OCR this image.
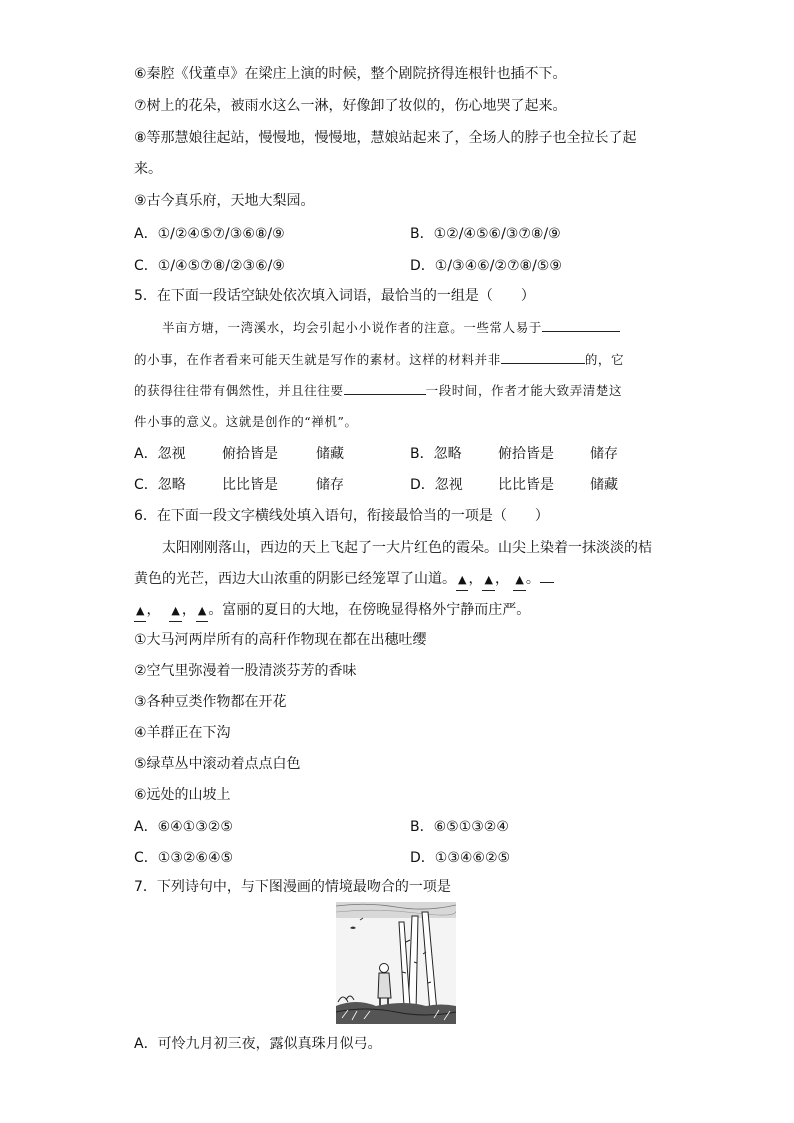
⑥秦腔《伐董卓》在梁庄上演的时候，整个剧院挤得连根针也插不下。
⑦树上的花朵，被雨水这么一淋，好像卸了妆似的，伤心地哭了起来。
⑧等那慧娘往起站，慢慢地，慢慢地，慧娘站起来了，全场人的脖子也全拉长了起
来。
⑨古今真乐府，天地大梨园。
A．①/②④⑤⑦/③⑥⑧/⑨	B．①②/④⑤⑥/③⑦⑧/⑨
C．①/④⑤⑦⑧/②③⑥/⑨	D．①/③④⑥/②⑦⑧/⑤⑨
5．在下面一段话空缺处依次填入词语，最恰当的一组是（　　）
半亩方塘，一湾溪水，均会引起小小说作者的注意。一些常人易于
的小事，在作者看来可能天生就是写作的素材。这样的材料并非	的，它
的获得往往带有偶然性，并且往往要	一段时间，作者才能大致弄清楚这
件小事的意义。这就是创作的“禅机”。
A．忽视	俯拾皆是	储藏	B．忽略	俯拾皆是	储存
C．忽略	比比皆是	储存	D．忽视	比比皆是	储藏
6．在下面一段文字横线处填入语句，衔接最恰当的一项是（　　）
太阳刚刚落山，西边的天上飞起了一大片红色的霞朵。山尖上染着一抹淡淡的桔
黄色的光芒，西边大山浓重的阴影已经笼罩了山道。 ▲ ， ▲ ， ▲ 。
▲ ，  ▲ ， ▲ 。富丽的夏日的大地，在傍晚显得格外宁静而庄严。
①大马河两岸所有的高秆作物现在都在出穗吐缨
②空气里弥漫着一股清淡芬芳的香味
③各种豆类作物都在开花
④羊群正在下沟
⑤绿草丛中滚动着点点白色
⑥远处的山坡上
A．⑥④①③②⑤	B．⑥⑤①③②④
C．①③②⑥④⑤	D．①③④⑥②⑤
7．下列诗句中，与下图漫画的情境最吻合的一项是
A．可怜九月初三夜，露似真珠月似弓。
